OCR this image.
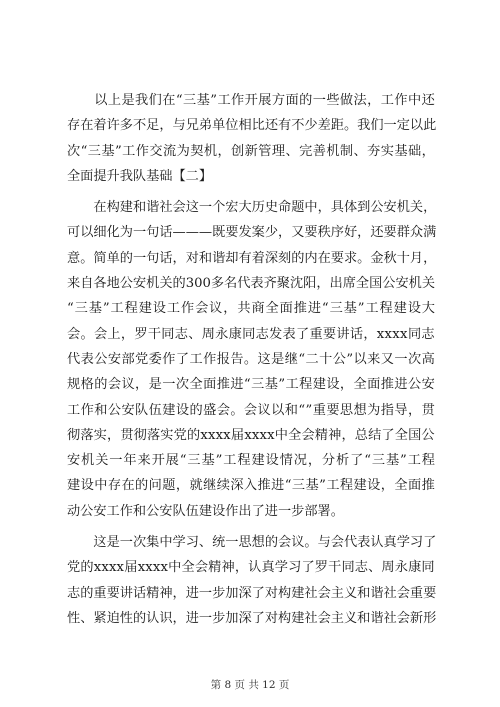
以 上 是 我 们 在 “ 三 基 ” 工 作 开 展 方 面 的 一 些 做 法 ， 工 作 中 还
存 在 着 许 多 不 足 ， 与 兄 弟 单 位 相 比 还 有 不 少 差 距 。 我 们 一 定 以 此
次 “ 三 基 ” 工 作 交 流 为 契 机 ， 创 新 管 理 、 完 善 机 制 、 夯 实 基 础 ，
全面提升我队基础【二】

在 构 建 和 谐 社 会 这 一 个 宏 大 历 史 命 题 中 ， 具 体 到 公 安 机 关 ，
可 以 细 化 为 一 句 话 — — — 既 要 发 案 少 ， 又 要 秩 序 好 ， 还 要 群 众 满
意 。 简 单 的 一 句 话 ， 对 和 谐 却 有 着 深 刻 的 内 在 要 求 。 金 秋 十 月 ，
来 自 各 地 公 安 机 关 的 3 0 0 多 名 代 表 齐 聚 沈 阳 ， 出 席 全 国 公 安 机 关
“ 三 基 ” 工 程 建 设 工 作 会 议 ， 共 商 全 面 推 进 “ 三 基 ” 工 程 建 设 大
会 。 会 上 ， 罗 干 同 志 、 周 永 康 同 志 发 表 了 重 要 讲 话 ， x x x x 同 志
代 表 公 安 部 党 委 作 了 工 作 报 告 。 这 是 继 “ 二 十 公 ” 以 来 又 一 次 高
规 格 的 会 议 ， 是 一 次 全 面 推 进 “ 三 基 ” 工 程 建 设 ， 全 面 推 进 公 安
工 作 和 公 安 队 伍 建 设 的 盛 会 。 会 议 以 和 “ ” 重 要 思 想 为 指 导 ， 贯
彻 落 实 ， 贯 彻 落 实 党 的 x x x x 届 x x x x 中 全 会 精 神 ， 总 结 了 全 国 公
安 机 关 一 年 来 开 展 “ 三 基 ” 工 程 建 设 情 况 ， 分 析 了 “ 三 基 ” 工 程
建 设 中 存 在 的 问 题 ， 就 继 续 深 入 推 进 “ 三 基 ” 工 程 建 设 ， 全 面 推
动公安工作和公安队伍建设作出了进一步部署。

这 是 一 次 集 中 学 习 、 统 一 思 想 的 会 议 。 与 会 代 表 认 真 学 习 了
党 的 x x x x 届 x x x x 中 全 会 精 神 ， 认 真 学 习 了 罗 干 同 志 、 周 永 康 同
志 的 重 要 讲 话 精 神 ， 进 一 步 加 深 了 对 构 建 社 会 主 义 和 谐 社 会 重 要
性 、 紧 迫 性 的 认 识 ， 进 一 步 加 深 了 对 构 建 社 会 主 义 和 谐 社 会 新 形
第 8 页 共 12 页
